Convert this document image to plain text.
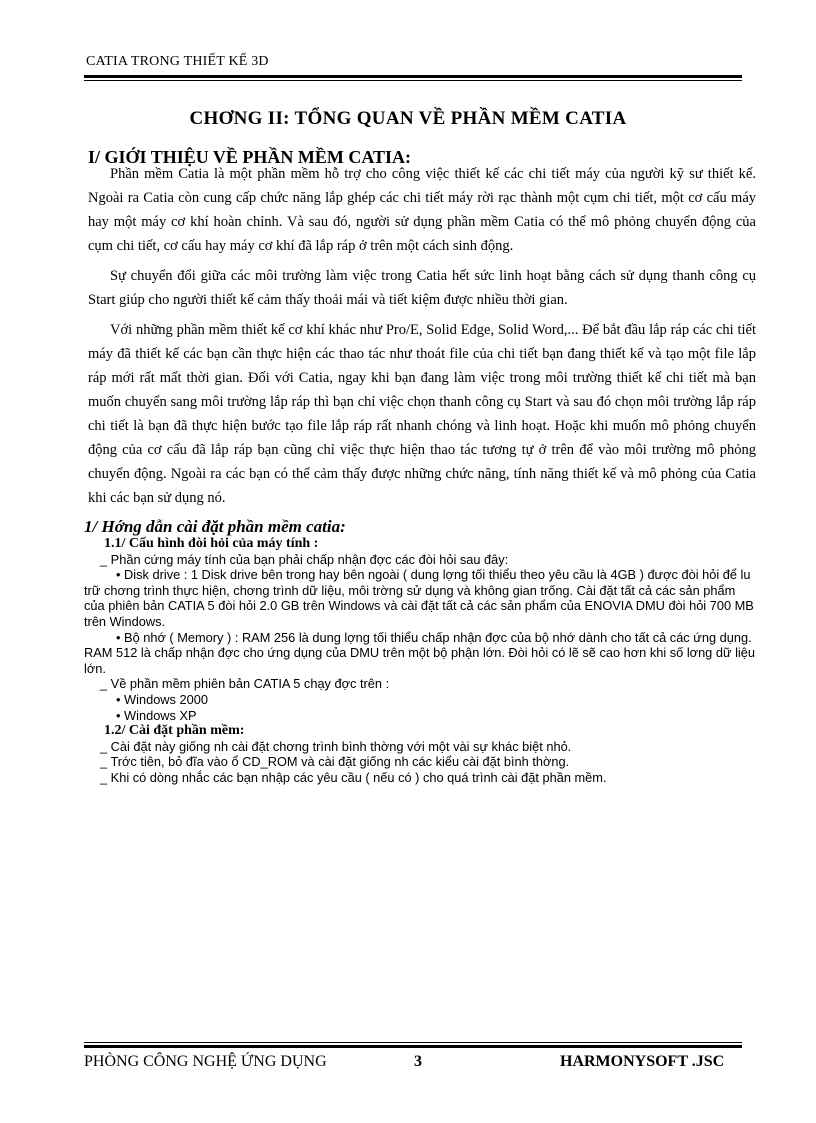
CATIA TRONG THIẾT KẾ 3D
CHƠNG II: TỔNG QUAN VỀ PHẦN MỀM CATIA
I/ GIỚI THIỆU VỀ PHẦN MỀM CATIA:

Phần mềm Catia là một phần mềm hỗ trợ cho công việc thiết kế các chi tiết máy của người kỹ sư thiết kế. Ngoài ra Catia còn cung cấp chức năng lắp ghép các chi tiết máy rời rạc thành một cụm chi tiết, một cơ cấu máy hay một máy cơ khí hoàn chỉnh. Và sau đó, người sử dụng phần mềm Catia có thể mô phỏng chuyển động của cụm chi tiết, cơ cấu hay máy cơ khí đã lắp ráp ở trên một cách sinh động.

Sự chuyển đổi giữa các môi trường làm việc trong Catia hết sức linh hoạt bằng cách sử dụng thanh công cụ Start giúp cho người thiết kế cảm thấy thoải mái và tiết kiệm được nhiều thời gian.

Với những phần mềm thiết kế cơ khí khác như Pro/E, Solid Edge, Solid Word,... Để bắt đầu lắp ráp các chi tiết máy đã thiết kế các bạn cần thực hiện các thao tác như thoát file của chi tiết bạn đang thiết kế và tạo một file lắp ráp mới rất mất thời gian. Đối với Catia, ngay khi bạn đang làm việc trong môi trường thiết kế chi tiết mà bạn muốn chuyển sang môi trường lắp ráp thì bạn chỉ việc chọn thanh công cụ Start và sau đó chọn môi trường lắp ráp chi tiết là bạn đã thực hiện bước tạo file lắp ráp rất nhanh chóng và linh hoạt. Hoặc khi muốn mô phỏng chuyển động của cơ cấu đã lắp ráp bạn cũng chỉ việc thực hiện thao tác tương tự ở trên để vào môi trường mô phỏng chuyển động. Ngoài ra các bạn có thể cảm thấy được những chức năng, tính năng thiết kế và mô phỏng của Catia khi các bạn sử dụng nó.

1/ Hớng dẫn cài đặt phần mềm catia:
1.1/ Cấu hình đòi hỏi của máy tính :
_ Phần cứng máy tính của bạn phải chấp nhận đợc các đòi hỏi sau đây:
• Disk drive : 1 Disk drive bên trong hay bên ngoài ( dung lợng tối thiểu theo yêu cầu là 4GB ) được đòi hỏi để lu trữ chơng trình thực hiện, chơng trình dữ liệu, môi trờng sử dụng và không gian trống. Cài đặt tất cả các sản phẩm của phiên bản CATIA 5 đòi hỏi 2.0 GB trên Windows và cài đặt tất cả các sản phẩm của ENOVIA DMU đòi hỏi 700 MB trên Windows.
• Bộ nhớ ( Memory ) : RAM 256 là dung lợng tối thiểu chấp nhận đợc của bộ nhớ dành cho tất cả các ứng dụng. RAM 512 là chấp nhận đợc cho ứng dụng của DMU trên một bộ phận lớn. Đòi hỏi có lẽ sẽ cao hơn khi số lơng dữ liệu lớn.
_ Về phần mềm phiên bản CATIA 5 chạy đợc trên :
• Windows 2000
• Windows XP
1.2/ Cài đặt phần mềm:
_ Cài đặt này giống nh cài đặt chơng trình bình thờng với một vài sự khác biệt nhỏ.
_ Trớc tiên, bỏ đĩa vào ổ CD_ROM và cài đặt giống nh các kiểu cài đặt bình thờng.
_ Khi có dòng nhắc các bạn nhập các yêu cầu ( nếu có ) cho quá trình cài đặt phần mềm.
PHÒNG CÔNG NGHỆ ỨNG DỤNG	3	HARMONYSOFT .JSC
